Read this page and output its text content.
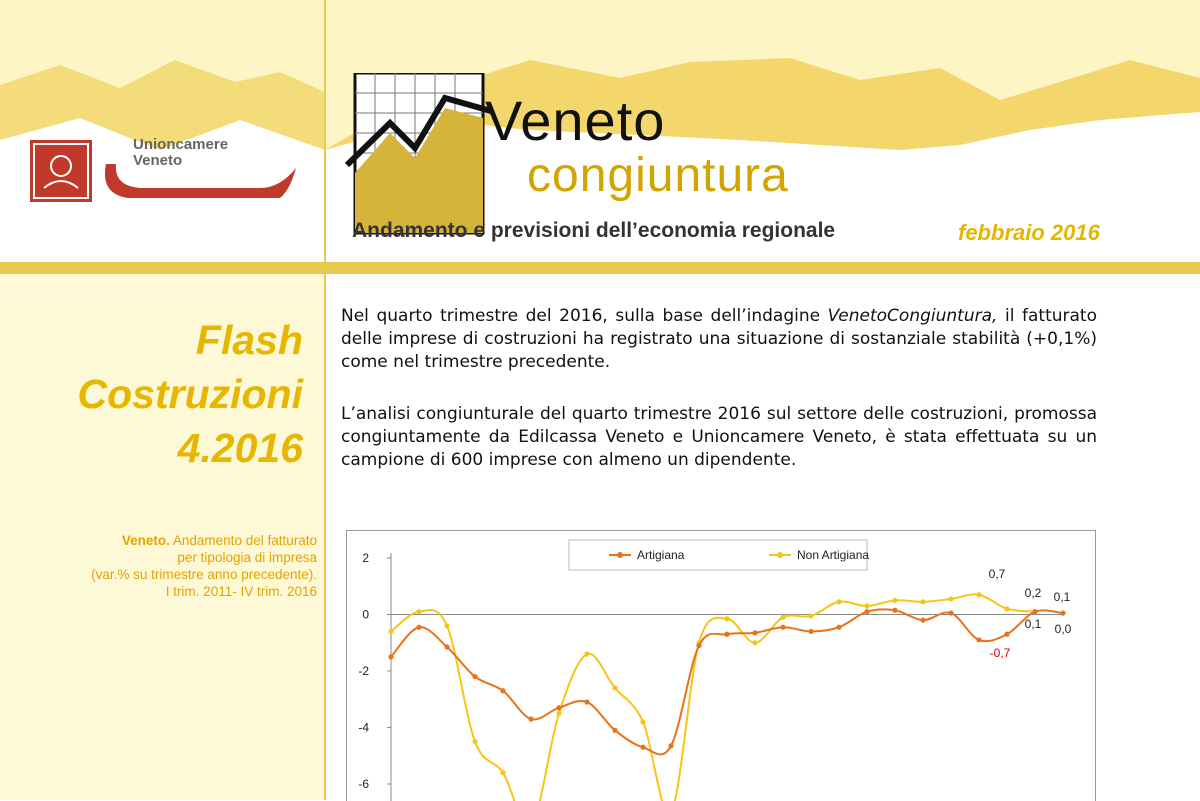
Unioncamere Veneto
Veneto
congiuntura
Andamento e previsioni dell’economia regionale	febbraio 2016
Flash
Costruzioni
4.2016
Veneto. Andamento del fatturato
per tipologia di impresa
(var.% su trimestre anno precedente).
I trim. 2011- IV trim. 2016
Nel quarto trimestre del 2016, sulla base dell’indagine VenetoCongiuntura, il fatturato delle imprese di costruzioni ha registrato una situazione di sostanziale stabilità (+0,1%) come nel trimestre precedente.
L’analisi congiunturale del quarto trimestre 2016 sul settore delle costruzioni, promossa congiuntamente da Edilcassa Veneto e Unioncamere Veneto, è stata effettuata su un campione di 600 imprese con almeno un dipendente.
2
0
-2
-4
-6
Artigiana	Non Artigiana
0,7
0,2 0,1
0,1 0,0
-0,7
